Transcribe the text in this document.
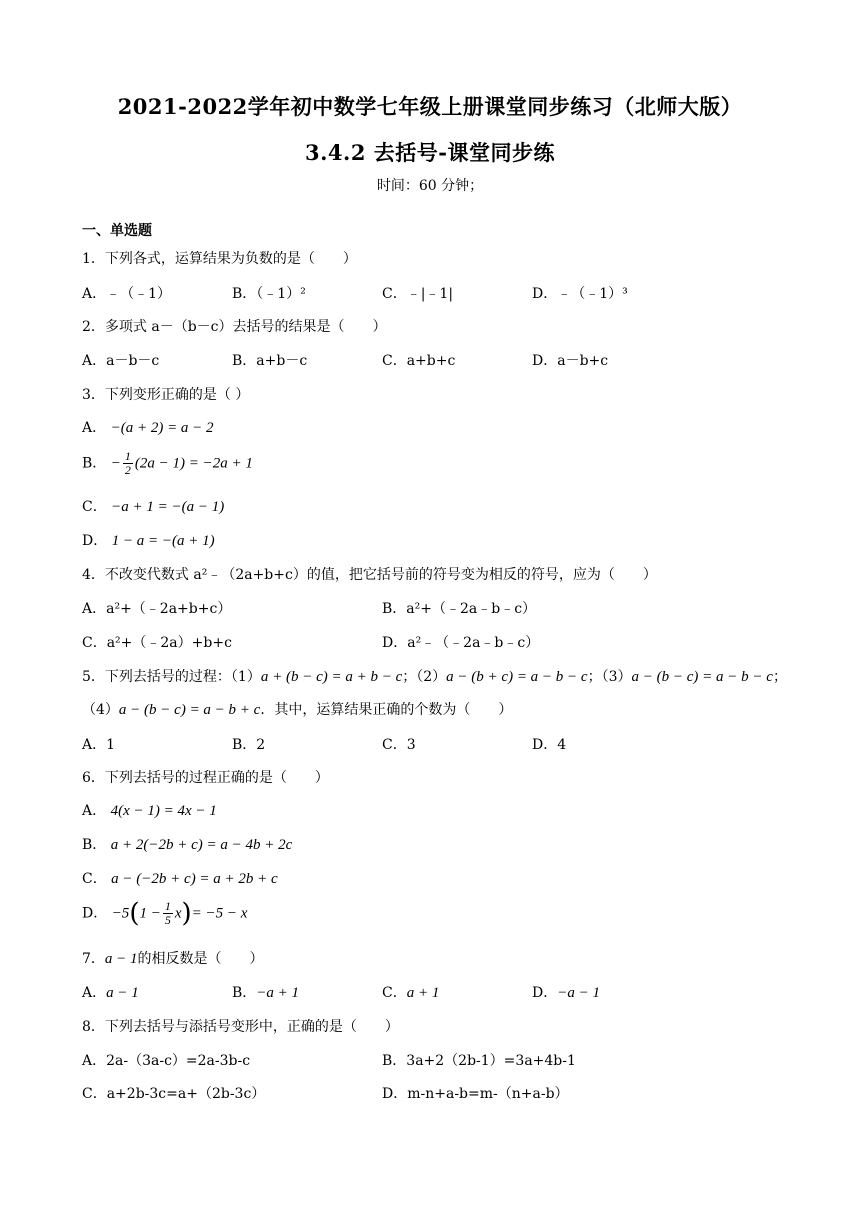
2021-2022学年初中数学七年级上册课堂同步练习（北师大版）
3.4.2 去括号-课堂同步练
时间：60 分钟；
一、单选题
1．下列各式，运算结果为负数的是（　　）
A．﹣（﹣1）	B．（﹣1）²	C．﹣|﹣1|	D．﹣（﹣1）³
2．多项式 a－（b－c）去括号的结果是（　　）
A．a－b－c	B．a+b－c	C．a+b+c	D．a－b+c
3．下列变形正确的是（ ）
A． −(a + 2) = a − 2
B． − $\frac{1}{2} (2a - 1) = -2a + 1$
C． −a + 1 = −(a − 1)
D． 1 − a = −(a + 1)
4．不改变代数式 a²﹣（2a+b+c）的值，把它括号前的符号变为相反的符号，应为（　　）
A．a²+（﹣2a+b+c）	B．a²+（﹣2a﹣b﹣c）
C．a²+（﹣2a）+b+c	D．a²﹣（﹣2a﹣b﹣c）
5．下列去括号的过程：（1）a + (b − c) = a + b − c；（2）a − (b + c) = a − b − c；（3）a − (b − c) = a − b − c；
（4）a − (b − c) = a − b + c．其中，运算结果正确的个数为（　　）
A．1	B．2	C．3	D．4
6．下列去括号的过程正确的是（　　）
A． 4(x − 1) = 4x − 1
B． a + 2(−2b + c) = a − 4b + 2c
C． a − (−2b + c) = a + 2b + c
D． $-5(1 - \frac{1}{5} x)= -5 - x$
7．a − 1的相反数是（　　）
A．a − 1	B．−a + 1	C．a + 1	D．−a − 1
8．下列去括号与添括号变形中，正确的是（　　）
A．2a-（3a-c）=2a-3b-c	B．3a+2（2b-1）=3a+4b-1
C．a+2b-3c=a+（2b-3c）	D．m-n+a-b=m-（n+a-b）
